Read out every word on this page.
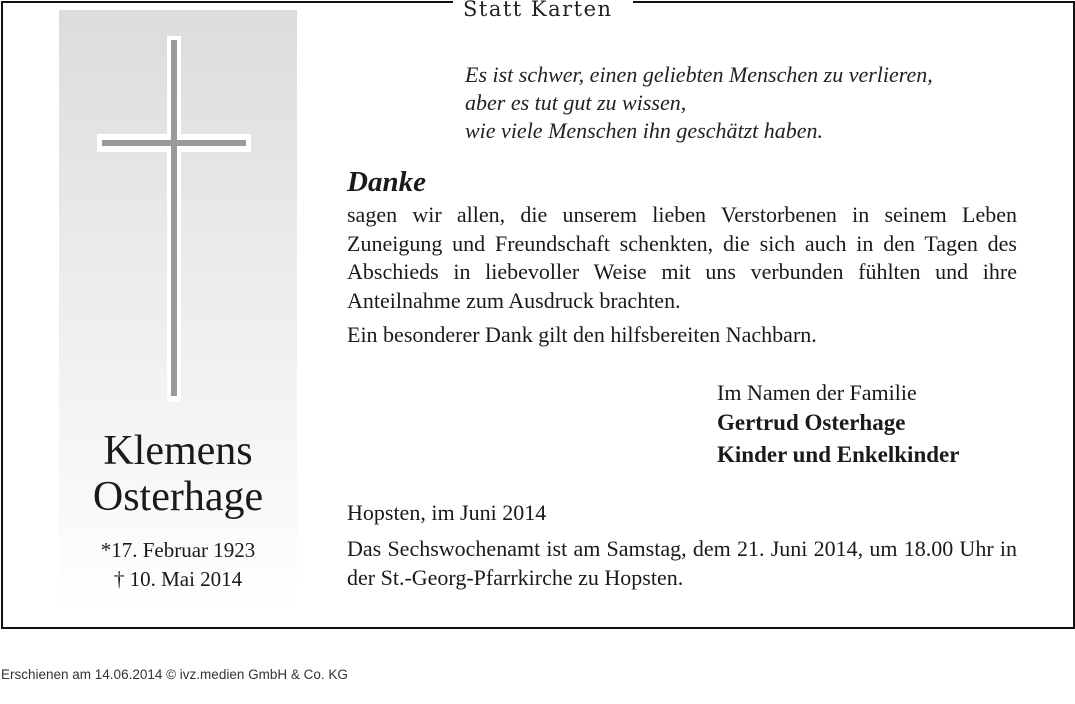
Statt Karten
Klemens
Osterhage
*17. Februar 1923
† 10. Mai 2014
Es ist schwer, einen geliebten Menschen zu verlieren,
aber es tut gut zu wissen,
wie viele Menschen ihn geschätzt haben.
Danke
sagen wir allen, die unserem lieben Verstorbenen in seinem Leben Zuneigung und Freundschaft schenkten, die sich auch in den Tagen des Abschieds in liebevoller Weise mit uns verbunden fühlten und ihre Anteilnahme zum Ausdruck brachten.
Ein besonderer Dank gilt den hilfsbereiten Nachbarn.
Im Namen der Familie
Gertrud Osterhage
Kinder und Enkelkinder
Hopsten, im Juni 2014
Das Sechswochenamt ist am Samstag, dem 21. Juni 2014, um 18.00 Uhr in der St.-Georg-Pfarrkirche zu Hopsten.
Erschienen am 14.06.2014 © ivz.medien GmbH & Co. KG
